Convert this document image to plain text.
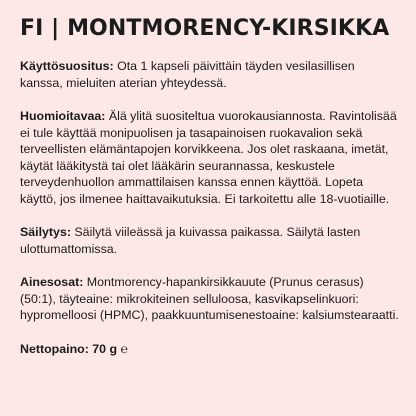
FI | MONTMORENCY-KIRSIKKA

Käyttösuositus: Ota 1 kapseli päivittäin täyden vesilasillisen kanssa, mieluiten aterian yhteydessä.

Huomioitavaa: Älä ylitä suositeltua vuorokausiannosta. Ravintolisää ei tule käyttää monipuolisen ja tasapainoisen ruokavalion sekä terveellisten elämäntapojen korvikkeena. Jos olet raskaana, imetät, käytät lääkitystä tai olet lääkärin seurannassa, keskustele terveydenhuollon ammattilaisen kanssa ennen käyttöä. Lopeta käyttö, jos ilmenee haittavaikutuksia. Ei tarkoitettu alle 18-vuotiaille.

Säilytys: Säilytä viileässä ja kuivassa paikassa. Säilytä lasten ulottumattomissa.

Ainesosat: Montmorency-hapankirsikkauute (Prunus cerasus) (50:1), täyteaine: mikrokiteinen selluloosa, kasvikapselinkuori: hypromelloosi (HPMC), paakkuuntumisenestoaine: kalsiumstearaatti.

Nettopaino: 70 g ℮
